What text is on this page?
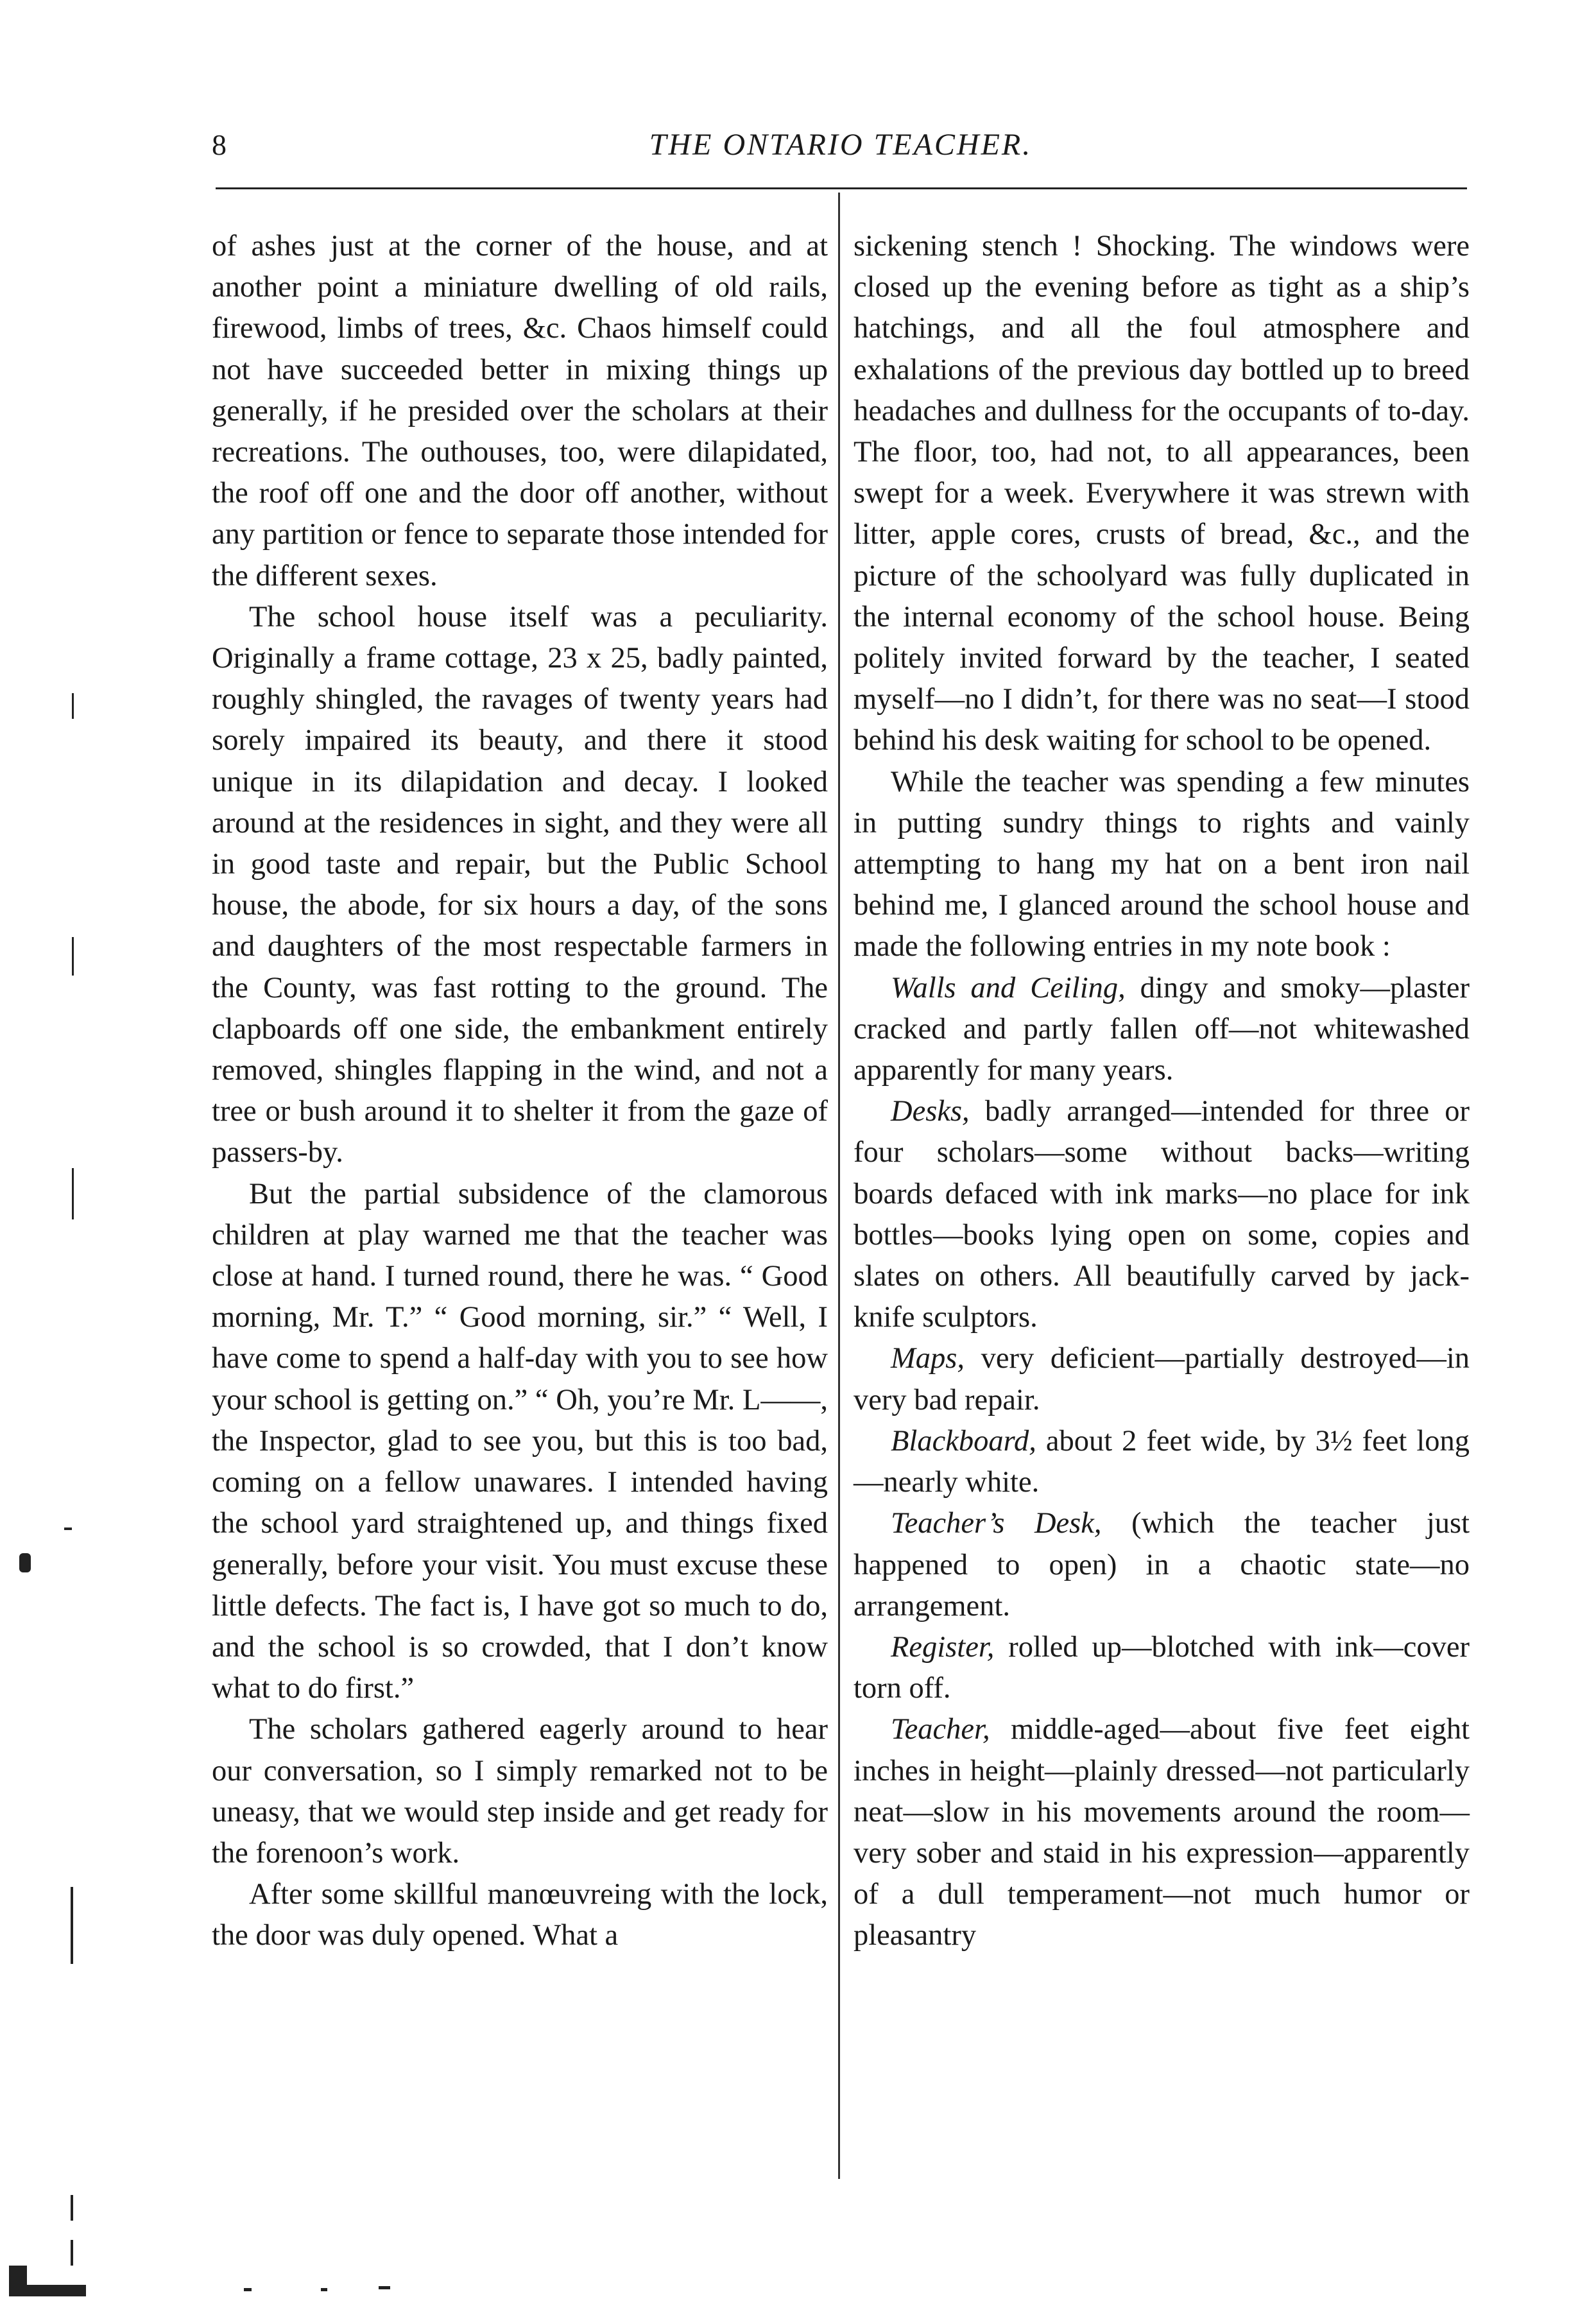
8	THE ONTARIO TEACHER.

of ashes just at the corner of the house, and at another point a miniature dwelling of old rails, firewood, limbs of trees, &c. Chaos himself could not have succeeded better in mixing things up generally, if he presided over the scholars at their recreations. The outhouses, too, were dilapidated, the roof off one and the door off another, without any partition or fence to separate those intended for the different sexes.

The school house itself was a peculiarity. Originally a frame cottage, 23 x 25, badly painted, roughly shingled, the ravages of twenty years had sorely impaired its beauty, and there it stood unique in its dilapidation and decay. I looked around at the residences in sight, and they were all in good taste and repair, but the Public School house, the abode, for six hours a day, of the sons and daughters of the most respectable farmers in the County, was fast rotting to the ground. The clapboards off one side, the embankment entirely removed, shingles flapping in the wind, and not a tree or bush around it to shelter it from the gaze of passers-by.

But the partial subsidence of the clamorous children at play warned me that the teacher was close at hand. I turned round, there he was. “ Good morning, Mr. T.” “ Good morning, sir.” “ Well, I have come to spend a half-day with you to see how your school is getting on.” “ Oh, you’re Mr. L——, the Inspector, glad to see you, but this is too bad, coming on a fellow unawares. I intended having the school yard straightened up, and things fixed generally, before your visit. You must excuse these little defects. The fact is, I have got so much to do, and the school is so crowded, that I don’t know what to do first.”

The scholars gathered eagerly around to hear our conversation, so I simply remarked not to be uneasy, that we would step inside and get ready for the forenoon’s work.

After some skillful manœuvreing with the lock, the door was duly opened. What a

sickening stench ! Shocking. The windows were closed up the evening before as tight as a ship’s hatchings, and all the foul atmosphere and exhalations of the previous day bottled up to breed headaches and dullness for the occupants of to-day. The floor, too, had not, to all appearances, been swept for a week. Everywhere it was strewn with litter, apple cores, crusts of bread, &c., and the picture of the schoolyard was fully duplicated in the internal economy of the school house. Being politely invited forward by the teacher, I seated myself—no I didn’t, for there was no seat—I stood behind his desk waiting for school to be opened.

While the teacher was spending a few minutes in putting sundry things to rights and vainly attempting to hang my hat on a bent iron nail behind me, I glanced around the school house and made the following entries in my note book :

Walls and Ceiling, dingy and smoky—plaster cracked and partly fallen off—not whitewashed apparently for many years.

Desks, badly arranged—intended for three or four scholars—some without backs—writing boards defaced with ink marks—no place for ink bottles—books lying open on some, copies and slates on others. All beautifully carved by jack-knife sculptors.

Maps, very deficient—partially destroyed—in very bad repair.

Blackboard, about 2 feet wide, by 3½ feet long—nearly white.

Teacher’s Desk, (which the teacher just happened to open) in a chaotic state—no arrangement.

Register, rolled up—blotched with ink—cover torn off.

Teacher, middle-aged—about five feet eight inches in height—plainly dressed—not particularly neat—slow in his movements around the room—very sober and staid in his expression—apparently of a dull temperament—not much humor or pleasantry
